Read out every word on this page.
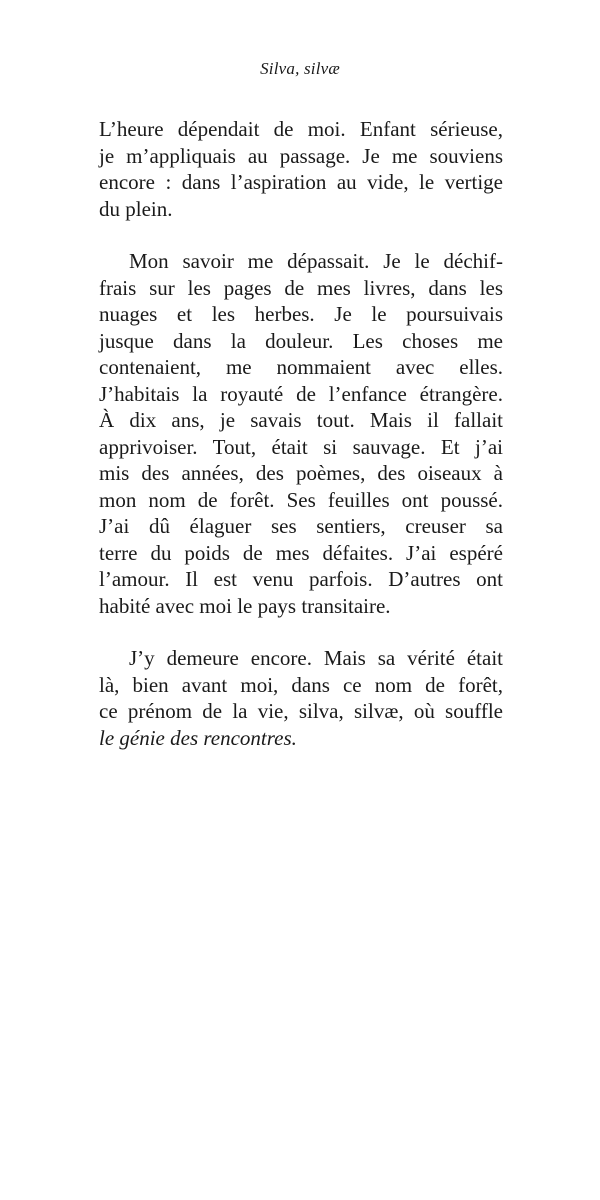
Silva, silvæ

L’heure dépendait de moi. Enfant sérieuse,
je m’appliquais au passage. Je me souviens
encore : dans l’aspiration au vide, le vertige
du plein.

Mon savoir me dépassait. Je le déchif-
frais sur les pages de mes livres, dans les
nuages et les herbes. Je le poursuivais
jusque dans la douleur. Les choses me
contenaient, me nommaient avec elles.
J’habitais la royauté de l’enfance étrangère.
À dix ans, je savais tout. Mais il fallait
apprivoiser. Tout, était si sauvage. Et j’ai
mis des années, des poèmes, des oiseaux à
mon nom de forêt. Ses feuilles ont poussé.
J’ai dû élaguer ses sentiers, creuser sa
terre du poids de mes défaites. J’ai espéré
l’amour. Il est venu parfois. D’autres ont
habité avec moi le pays transitaire.

J’y demeure encore. Mais sa vérité était
là, bien avant moi, dans ce nom de forêt,
ce prénom de la vie, silva, silvæ, où souffle
le génie des rencontres.
